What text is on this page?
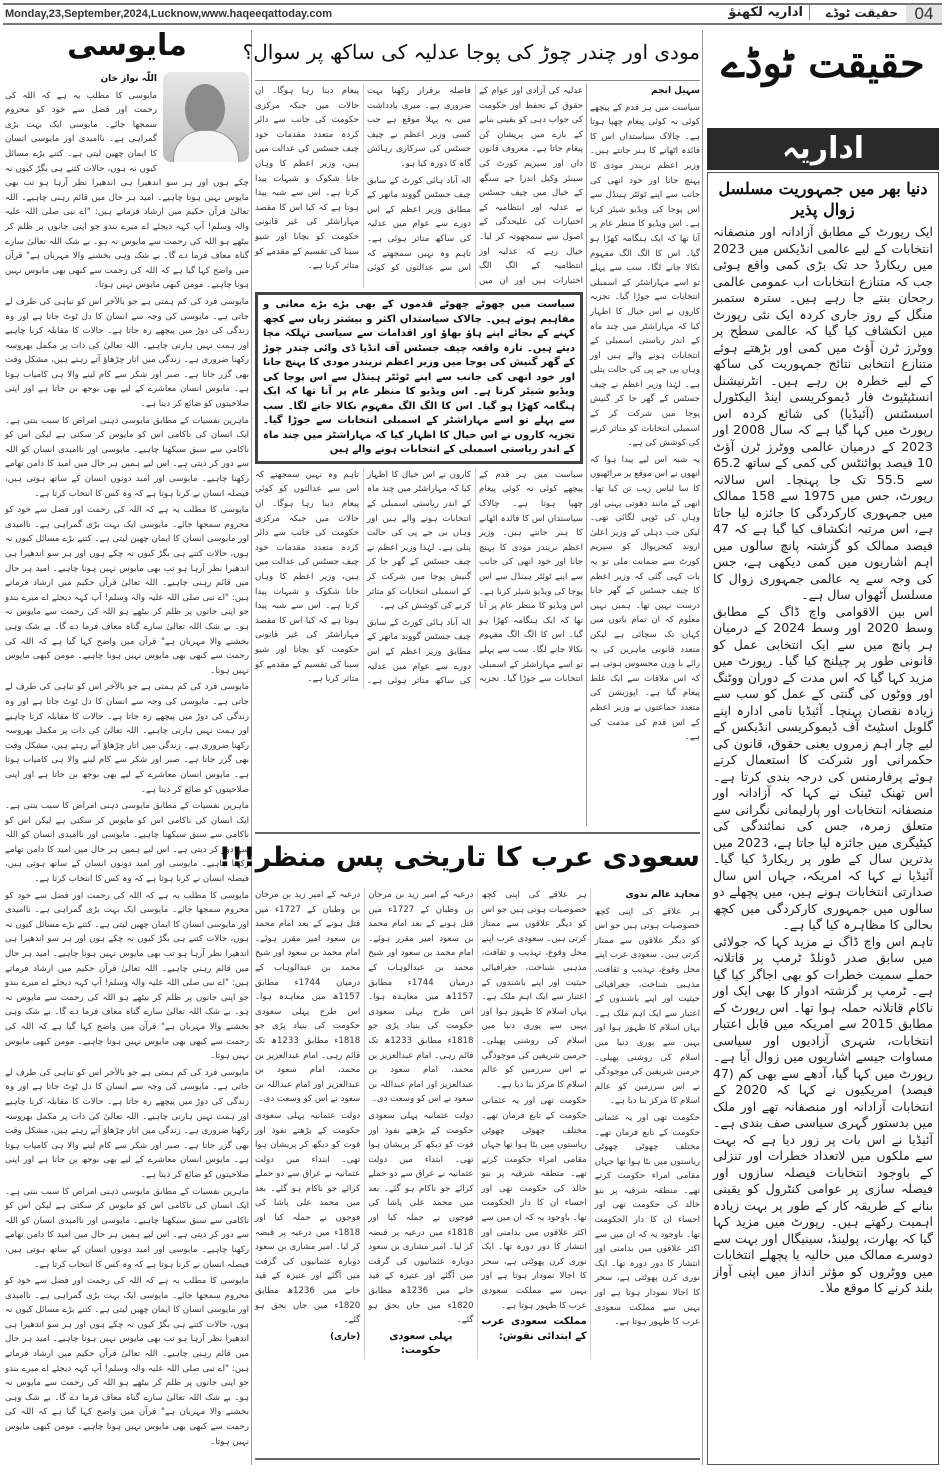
Monday,23,September,2024,Lucknow,www.haqeeqattoday.com	04
حقیقت ٹوڈے
اداریہ لکھنؤ
مایوسی

اللّٰہ نواز خان

مایوسی کا مطلب یہ ہے کہ اللہ کی رحمت اور فضل سے خود کو محروم سمجھا جائے۔ مایوسی ایک بہت بڑی گمراہی ہے۔ ناامیدی اور مایوسی انسان کا ایمان چھین لیتی ہے۔ کتنے بڑے مسائل کیوں نہ ہوں، حالات کتنے ہی بگڑ کیوں نہ چکے ہوں اور ہر سو اندھیرا ہی اندھیرا نظر آرہا ہو تب بھی مایوس نہیں ہونا چاہیے۔ امید ہر حال میں قائم رہنی چاہیے۔ اللہ تعالیٰ قرآن حکیم میں ارشاد فرماتے ہیں: "اے نبی صلی اللہ علیہ والہ وسلم! آپ کہہ دیجئے اے میرے بندو جو اپنی جانوں پر ظلم کر بیٹھے ہو اللہ کی رحمت سے مایوس نہ ہو۔ بے شک اللہ تعالیٰ سارے گناہ معاف فرما دے گا۔ بے شک وہی بخشنے والا مہربان ہے" قرآن میں واضح کہا گیا ہے کہ اللہ کی رحمت سے کبھی بھی مایوس نہیں ہونا چاہیے۔ مومن کبھی مایوس نہیں ہوتا۔

مایوسی فرد کی کم ہمتی ہے جو بالآخر اس کو تباہی کی طرف لے جاتی ہے۔ مایوسی کی وجہ سے انسان کا دل ٹوٹ جاتا ہے اور وہ زندگی کی دوڑ میں پیچھے رہ جاتا ہے۔ حالات کا مقابلہ کرنا چاہیے اور ہمت نہیں ہارنی چاہیے۔ اللہ تعالیٰ کی ذات پر مکمل بھروسہ رکھنا ضروری ہے۔ زندگی میں اتار چڑھاؤ آتے رہتے ہیں، مشکل وقت بھی گزر جاتا ہے۔ صبر اور شکر سے کام لینے والا ہی کامیاب ہوتا ہے۔ مایوس انسان معاشرے کے لیے بھی بوجھ بن جاتا ہے اور اپنی صلاحیتوں کو ضائع کر دیتا ہے۔

ماہرین نفسیات کے مطابق مایوسی ذہنی امراض کا سبب بنتی ہے۔ ایک انسان کی ناکامی اس کو مایوس کر سکتی ہے لیکن اس کو ناکامی سے سبق سیکھنا چاہیے۔ مایوسی اور ناامیدی انسان کو اللہ سے دور کر دیتی ہے۔ اس لیے ہمیں ہر حال میں امید کا دامن تھامے رکھنا چاہیے۔ مایوسی اور امید دونوں انسان کے ساتھ ہوتی ہیں، فیصلہ انسان نے کرنا ہوتا ہے کہ وہ کس کا انتخاب کرتا ہے۔

مایوسی کا مطلب یہ ہے کہ اللہ کی رحمت اور فضل سے خود کو محروم سمجھا جائے۔ مایوسی ایک بہت بڑی گمراہی ہے۔ ناامیدی اور مایوسی انسان کا ایمان چھین لیتی ہے۔ کتنے بڑے مسائل کیوں نہ ہوں، حالات کتنے ہی بگڑ کیوں نہ چکے ہوں اور ہر سو اندھیرا ہی اندھیرا نظر آرہا ہو تب بھی مایوس نہیں ہونا چاہیے۔ امید ہر حال میں قائم رہنی چاہیے۔ اللہ تعالیٰ قرآن حکیم میں ارشاد فرماتے ہیں: "اے نبی صلی اللہ علیہ والہ وسلم! آپ کہہ دیجئے اے میرے بندو جو اپنی جانوں پر ظلم کر بیٹھے ہو اللہ کی رحمت سے مایوس نہ ہو۔ بے شک اللہ تعالیٰ سارے گناہ معاف فرما دے گا۔ بے شک وہی بخشنے والا مہربان ہے" قرآن میں واضح کہا گیا ہے کہ اللہ کی رحمت سے کبھی بھی مایوس نہیں ہونا چاہیے۔ مومن کبھی مایوس نہیں ہوتا۔

مایوسی فرد کی کم ہمتی ہے جو بالآخر اس کو تباہی کی طرف لے جاتی ہے۔ مایوسی کی وجہ سے انسان کا دل ٹوٹ جاتا ہے اور وہ زندگی کی دوڑ میں پیچھے رہ جاتا ہے۔ حالات کا مقابلہ کرنا چاہیے اور ہمت نہیں ہارنی چاہیے۔ اللہ تعالیٰ کی ذات پر مکمل بھروسہ رکھنا ضروری ہے۔ زندگی میں اتار چڑھاؤ آتے رہتے ہیں، مشکل وقت بھی گزر جاتا ہے۔ صبر اور شکر سے کام لینے والا ہی کامیاب ہوتا ہے۔ مایوس انسان معاشرے کے لیے بھی بوجھ بن جاتا ہے اور اپنی صلاحیتوں کو ضائع کر دیتا ہے۔

ماہرین نفسیات کے مطابق مایوسی ذہنی امراض کا سبب بنتی ہے۔ ایک انسان کی ناکامی اس کو مایوس کر سکتی ہے لیکن اس کو ناکامی سے سبق سیکھنا چاہیے۔ مایوسی اور ناامیدی انسان کو اللہ سے دور کر دیتی ہے۔ اس لیے ہمیں ہر حال میں امید کا دامن تھامے رکھنا چاہیے۔ مایوسی اور امید دونوں انسان کے ساتھ ہوتی ہیں، فیصلہ انسان نے کرنا ہوتا ہے کہ وہ کس کا انتخاب کرتا ہے۔

مایوسی کا مطلب یہ ہے کہ اللہ کی رحمت اور فضل سے خود کو محروم سمجھا جائے۔ مایوسی ایک بہت بڑی گمراہی ہے۔ ناامیدی اور مایوسی انسان کا ایمان چھین لیتی ہے۔ کتنے بڑے مسائل کیوں نہ ہوں، حالات کتنے ہی بگڑ کیوں نہ چکے ہوں اور ہر سو اندھیرا ہی اندھیرا نظر آرہا ہو تب بھی مایوس نہیں ہونا چاہیے۔ امید ہر حال میں قائم رہنی چاہیے۔ اللہ تعالیٰ قرآن حکیم میں ارشاد فرماتے ہیں: "اے نبی صلی اللہ علیہ والہ وسلم! آپ کہہ دیجئے اے میرے بندو جو اپنی جانوں پر ظلم کر بیٹھے ہو اللہ کی رحمت سے مایوس نہ ہو۔ بے شک اللہ تعالیٰ سارے گناہ معاف فرما دے گا۔ بے شک وہی بخشنے والا مہربان ہے" قرآن میں واضح کہا گیا ہے کہ اللہ کی رحمت سے کبھی بھی مایوس نہیں ہونا چاہیے۔ مومن کبھی مایوس نہیں ہوتا۔

مایوسی فرد کی کم ہمتی ہے جو بالآخر اس کو تباہی کی طرف لے جاتی ہے۔ مایوسی کی وجہ سے انسان کا دل ٹوٹ جاتا ہے اور وہ زندگی کی دوڑ میں پیچھے رہ جاتا ہے۔ حالات کا مقابلہ کرنا چاہیے اور ہمت نہیں ہارنی چاہیے۔ اللہ تعالیٰ کی ذات پر مکمل بھروسہ رکھنا ضروری ہے۔ زندگی میں اتار چڑھاؤ آتے رہتے ہیں، مشکل وقت بھی گزر جاتا ہے۔ صبر اور شکر سے کام لینے والا ہی کامیاب ہوتا ہے۔ مایوس انسان معاشرے کے لیے بھی بوجھ بن جاتا ہے اور اپنی صلاحیتوں کو ضائع کر دیتا ہے۔

ماہرین نفسیات کے مطابق مایوسی ذہنی امراض کا سبب بنتی ہے۔ ایک انسان کی ناکامی اس کو مایوس کر سکتی ہے لیکن اس کو ناکامی سے سبق سیکھنا چاہیے۔ مایوسی اور ناامیدی انسان کو اللہ سے دور کر دیتی ہے۔ اس لیے ہمیں ہر حال میں امید کا دامن تھامے رکھنا چاہیے۔ مایوسی اور امید دونوں انسان کے ساتھ ہوتی ہیں، فیصلہ انسان نے کرنا ہوتا ہے کہ وہ کس کا انتخاب کرتا ہے۔

مایوسی کا مطلب یہ ہے کہ اللہ کی رحمت اور فضل سے خود کو محروم سمجھا جائے۔ مایوسی ایک بہت بڑی گمراہی ہے۔ ناامیدی اور مایوسی انسان کا ایمان چھین لیتی ہے۔ کتنے بڑے مسائل کیوں نہ ہوں، حالات کتنے ہی بگڑ کیوں نہ چکے ہوں اور ہر سو اندھیرا ہی اندھیرا نظر آرہا ہو تب بھی مایوس نہیں ہونا چاہیے۔ امید ہر حال میں قائم رہنی چاہیے۔ اللہ تعالیٰ قرآن حکیم میں ارشاد فرماتے ہیں: "اے نبی صلی اللہ علیہ والہ وسلم! آپ کہہ دیجئے اے میرے بندو جو اپنی جانوں پر ظلم کر بیٹھے ہو اللہ کی رحمت سے مایوس نہ ہو۔ بے شک اللہ تعالیٰ سارے گناہ معاف فرما دے گا۔ بے شک وہی بخشنے والا مہربان ہے" قرآن میں واضح کہا گیا ہے کہ اللہ کی رحمت سے کبھی بھی مایوس نہیں ہونا چاہیے۔ مومن کبھی مایوس نہیں ہوتا۔

مودی اور چندر چوڑ کی پوجا عدلیہ کی ساکھ پر سوال؟

سہیل انجم

سیاست میں ہر قدم کے پیچھے کوئی نہ کوئی پیغام چھپا ہوتا ہے۔ چالاک سیاستداں اس کا فائدہ اٹھانے کا ہنر جانتے ہیں۔ وزیر اعظم نریندر مودی کا پہنچ جانا اور خود انھی کی جانب سے اپنے ٹوئٹر ہینڈل سے اس پوجا کی ویڈیو شیئر کرنا ہے۔ اس ویڈیو کا منظر عام پر آنا تھا کہ ایک ہنگامہ کھڑا ہو گیا۔ اس کا الگ الگ مفہوم نکالا جانے لگا۔ سب سے پہلے تو اسے مہاراشٹر کے اسمبلی انتخابات سے جوڑا گیا۔ تجزیہ کاروں نے اس خیال کا اظہار کیا کہ مہاراشٹر میں چند ماہ کے اندر ریاستی اسمبلی کے انتخابات ہونے والے ہیں اور وہاں بی جے پی کی حالت پتلی ہے۔ لہٰذا وزیر اعظم نے چیف جسٹس کے گھر جا کر گنیش پوجا میں شرکت کر کے اسمبلی انتخابات کو متاثر کرنے کی کوشش کی ہے۔

یہ شبہ اس لیے پیدا ہوا کہ انھوں نے اس موقع پر مراٹھیوں کا سا لباس زیب تن کیا تھا۔ انھی کے مانند دھوتی پہنی اور وہاں کی ٹوپی لگائی تھی۔ لیکن جب دہلی کے وزیر اعلیٰ اروند کیجریوال کو سپریم کورٹ سے ضمانت ملی تو یہ بات کہی گئی کہ وزیر اعظم کا چیف جسٹس کے گھر جانا درست نہیں تھا۔ ہمیں نہیں معلوم کہ ان تمام باتوں میں کہاں تک سچائی ہے لیکن متعدد قانونی ماہرین کی یہ رائے با وزن محسوس ہوتی ہے کہ اس ملاقات سے ایک غلط پیغام گیا ہے۔ اپوزیشن کی متعدد جماعتوں نے وزیر اعظم کے اس قدم کی مذمت کی ہے۔

عدلیہ کی آزادی اور عوام کے حقوق کے تحفظ اور حکومت کی جواب دہی کو یقینی بنانے کے بارے میں پریشان کن پیغام جاتا ہے۔ معروف قانون داں اور سپریم کورٹ کی سینئر وکیل اندرا جے سنگھ کے خیال میں چیف جسٹس نے عدلیہ اور انتظامیہ کے اختیارات کی علیحدگی کے اصول سے سمجھوتہ کر لیا۔ خیال رہے کہ عدلیہ اور انتظامیہ کے الگ الگ اختیارات ہیں اور ان میں فاصلہ برقرار رکھنا بہت ضروری ہے۔ میری یادداشت میں یہ پہلا موقع ہے جب کسی وزیر اعظم نے چیف جسٹس کی سرکاری رہائش گاہ کا دورہ کیا ہو۔

الہ آباد ہائی کورٹ کے سابق چیف جسٹس گووند ماتھر کے مطابق وزیر اعظم کے اس دورے سے عوام میں عدلیہ کی ساکھ متاثر ہوئی ہے۔ تاہم وہ نہیں سمجھتے کہ اس سے عدالتوں کو کوئی پیغام دینا رہا ہوگا۔ ان حالات میں جبکہ مرکزی حکومت کی جانب سے دائر کردہ متعدد مقدمات خود چیف جسٹس کی عدالت میں ہیں، وزیر اعظم کا وہاں جانا شکوک و شبہات پیدا کرتا ہے۔ اس سے شبہ پیدا ہوتا ہے کہ کیا اس کا مقصد مہاراشٹر کی غیر قانونی حکومت کو بچانا اور شیو سینا کی تقسیم کے مقدمے کو متاثر کرنا ہے۔

سیاست میں چھوٹے چھوٹے قدموں کے بھی بڑے بڑے معانی و مفاہیم ہوتے ہیں۔ چالاک سیاستداں اکثر و بیشتر زبان سے کچھ کہنے کے بجائے اپنے ہاؤ بھاؤ اور اقدامات سے سیاسی تہلکہ مچا دیتے ہیں۔ تازہ واقعہ چیف جسٹس آف انڈیا ڈی وائی چندر چوڑ کے گھر گنیش کی پوجا میں وزیر اعظم نریندر مودی کا پہنچ جانا اور خود انھی کی جانب سے اپنے ٹوئٹر ہینڈل سے اس پوجا کی ویڈیو شیئر کرنا ہے۔ اس ویڈیو کا منظر عام پر آنا تھا کہ ایک ہنگامہ کھڑا ہو گیا۔ اس کا الگ الگ مفہوم نکالا جانے لگا۔ سب سے پہلے تو اسے مہاراشٹر کے اسمبلی انتخابات سے جوڑا گیا۔ تجزیہ کاروں نے اس خیال کا اظہار کیا کہ مہاراشٹر میں چند ماہ کے اندر ریاستی اسمبلی کے انتخابات ہونے والے ہیں

سیاست میں ہر قدم کے پیچھے کوئی نہ کوئی پیغام چھپا ہوتا ہے۔ چالاک سیاستداں اس کا فائدہ اٹھانے کا ہنر جانتے ہیں۔ وزیر اعظم نریندر مودی کا پہنچ جانا اور خود انھی کی جانب سے اپنے ٹوئٹر ہینڈل سے اس پوجا کی ویڈیو شیئر کرنا ہے۔ اس ویڈیو کا منظر عام پر آنا تھا کہ ایک ہنگامہ کھڑا ہو گیا۔ اس کا الگ الگ مفہوم نکالا جانے لگا۔ سب سے پہلے تو اسے مہاراشٹر کے اسمبلی انتخابات سے جوڑا گیا۔ تجزیہ کاروں نے اس خیال کا اظہار کیا کہ مہاراشٹر میں چند ماہ کے اندر ریاستی اسمبلی کے انتخابات ہونے والے ہیں اور وہاں بی جے پی کی حالت پتلی ہے۔ لہٰذا وزیر اعظم نے چیف جسٹس کے گھر جا کر گنیش پوجا میں شرکت کر کے اسمبلی انتخابات کو متاثر کرنے کی کوشش کی ہے۔

الہ آباد ہائی کورٹ کے سابق چیف جسٹس گووند ماتھر کے مطابق وزیر اعظم کے اس دورے سے عوام میں عدلیہ کی ساکھ متاثر ہوئی ہے۔ تاہم وہ نہیں سمجھتے کہ اس سے عدالتوں کو کوئی پیغام دینا رہا ہوگا۔ ان حالات میں جبکہ مرکزی حکومت کی جانب سے دائر کردہ متعدد مقدمات خود چیف جسٹس کی عدالت میں ہیں، وزیر اعظم کا وہاں جانا شکوک و شبہات پیدا کرتا ہے۔ اس سے شبہ پیدا ہوتا ہے کہ کیا اس کا مقصد مہاراشٹر کی غیر قانونی حکومت کو بچانا اور شیو سینا کی تقسیم کے مقدمے کو متاثر کرنا ہے۔

سعودی عرب کا تاریخی پس منظر!!!

مجاہد عالم ندوی

ہر علاقے کی اپنی کچھ خصوصیات ہوتی ہیں جو اس کو دیگر علاقوں سے ممتاز کرتی ہیں۔ سعودی عرب اپنے محل وقوع، تہذیب و ثقافت، مذہبی شناخت، جغرافیائی حیثیت اور اپنے باشندوں کے اعتبار سے ایک اہم ملک ہے۔ یہاں اسلام کا ظہور ہوا اور یہیں سے پوری دنیا میں اسلام کی روشنی پھیلی۔ حرمین شریفین کی موجودگی نے اس سرزمین کو عالم اسلام کا مرکز بنا دیا ہے۔

حکومت تھی اور یہ عثمانی حکومت کے تابع فرمان تھے۔ مختلف چھوٹی چھوٹی ریاستوں میں بٹا ہوا تھا جہاں مقامی امراء حکومت کرتے تھے۔ منطقہ شرقیہ پر بنو خالد کی حکومت تھی اور احساء ان کا دار الحکومت تھا۔ باوجود یہ کہ ان میں سے اکثر علاقوں میں بدامنی اور انتشار کا دور دورہ تھا۔ ایک نوری کرن پھوٹتی ہے، سحر کا اجالا نمودار ہوتا ہے اور یہیں سے مملکت سعودی عرب کا ظہور ہوتا ہے۔

ہر علاقے کی اپنی کچھ خصوصیات ہوتی ہیں جو اس کو دیگر علاقوں سے ممتاز کرتی ہیں۔ سعودی عرب اپنے محل وقوع، تہذیب و ثقافت، مذہبی شناخت، جغرافیائی حیثیت اور اپنے باشندوں کے اعتبار سے ایک اہم ملک ہے۔ یہاں اسلام کا ظہور ہوا اور یہیں سے پوری دنیا میں اسلام کی روشنی پھیلی۔ حرمین شریفین کی موجودگی نے اس سرزمین کو عالم اسلام کا مرکز بنا دیا ہے۔

حکومت تھی اور یہ عثمانی حکومت کے تابع فرمان تھے۔ مختلف چھوٹی چھوٹی ریاستوں میں بٹا ہوا تھا جہاں مقامی امراء حکومت کرتے تھے۔ منطقہ شرقیہ پر بنو خالد کی حکومت تھی اور احساء ان کا دار الحکومت تھا۔ باوجود یہ کہ ان میں سے اکثر علاقوں میں بدامنی اور انتشار کا دور دورہ تھا۔ ایک نوری کرن پھوٹتی ہے، سحر کا اجالا نمودار ہوتا ہے اور یہیں سے مملکت سعودی عرب کا ظہور ہوتا ہے۔

مملکت سعودی عرب کے ابتدائی نقوش:

درعیہ کے امیر زید بن مرخان بن وطبان کے 1727ء میں قتل ہونے کے بعد امام محمد بن سعود امیر مقرر ہوئے۔ امام محمد بن سعود اور شیخ محمد بن عبدالوہاب کے درمیان 1744ء مطابق 1157ھ میں معاہدہ ہوا۔ اس طرح پہلی سعودی حکومت کی بنیاد پڑی جو 1818ء مطابق 1233ھ تک قائم رہی۔ امام عبدالعزیز بن محمد، امام سعود بن عبدالعزیز اور امام عبداللہ بن سعود نے اس کو وسعت دی۔

دولت عثمانیہ پہلی سعودی حکومت کے بڑھتے نفوذ اور قوت کو دیکھ کر پریشان ہوا تھی۔ ابتداء میں دولت عثمانیہ نے عراق سے دو حملے کرائے جو ناکام ہو گئے۔ بعد میں محمد علی پاشا کی فوجوں نے حملہ کیا اور 1818ء میں درعیہ پر قبضہ کر لیا۔ امیر مشاری بن سعود دوبارہ عثمانیوں کی گرفت میں آگئے اور عنیزہ کے قید خانے میں 1236ھ مطابق 1820ء میں جاں بحق ہو گئے۔

پہلی سعودی حکومت:

درعیہ کے امیر زید بن مرخان بن وطبان کے 1727ء میں قتل ہونے کے بعد امام محمد بن سعود امیر مقرر ہوئے۔ امام محمد بن سعود اور شیخ محمد بن عبدالوہاب کے درمیان 1744ء مطابق 1157ھ میں معاہدہ ہوا۔ اس طرح پہلی سعودی حکومت کی بنیاد پڑی جو 1818ء مطابق 1233ھ تک قائم رہی۔ امام عبدالعزیز بن محمد، امام سعود بن عبدالعزیز اور امام عبداللہ بن سعود نے اس کو وسعت دی۔

دولت عثمانیہ پہلی سعودی حکومت کے بڑھتے نفوذ اور قوت کو دیکھ کر پریشان ہوا تھی۔ ابتداء میں دولت عثمانیہ نے عراق سے دو حملے کرائے جو ناکام ہو گئے۔ بعد میں محمد علی پاشا کی فوجوں نے حملہ کیا اور 1818ء میں درعیہ پر قبضہ کر لیا۔ امیر مشاری بن سعود دوبارہ عثمانیوں کی گرفت میں آگئے اور عنیزہ کے قید خانے میں 1236ھ مطابق 1820ء میں جاں بحق ہو گئے۔

(جاری)

حقیقت ٹوڈے
اداریہ
دنیا بھر میں جمہوریت مسلسل زوال پذیر

ایک رپورٹ کے مطابق آزادانہ اور منصفانہ انتخابات کے لیے عالمی انڈیکس میں 2023 میں ریکارڈ حد تک بڑی کمی واقع ہوئی جب کہ متنازع انتخابات اب عمومی عالمی رجحان بنتے جا رہے ہیں۔ سترہ ستمبر منگل کے روز جاری کردہ ایک نئی رپورٹ میں انکشاف کیا گیا کہ عالمی سطح پر ووٹرز ٹرن آؤٹ میں کمی اور بڑھتے ہوئے متنازع انتخابی نتائج جمہوریت کی ساکھ کے لیے خطرہ بن رہے ہیں۔ انٹرنیشنل انسٹیٹیوٹ فار ڈیموکریسی اینڈ الیکٹورل اسسٹنس (آئیڈیا) کی شائع کردہ اس رپورٹ میں کہا گیا ہے کہ سال 2008 اور 2023 کے درمیان عالمی ووٹرز ٹرن آؤٹ 10 فیصد پوائنٹس کی کمی کے ساتھ 65.2 سے 55.5 تک جا پہنچا۔ اس سالانہ رپورٹ، جس میں 1975 سے 158 ممالک میں جمہوری کارکردگی کا جائزہ لیا جاتا ہے، اس مرتبہ انکشاف کیا گیا ہے کہ 47 فیصد ممالک کو گزشتہ پانچ سالوں میں اہم اشاریوں میں کمی دیکھی ہے، جس کی وجہ سے یہ عالمی جمہوری زوال کا مسلسل آٹھواں سال ہے۔

اس بین الاقوامی واچ ڈاگ کے مطابق وسط 2020 اور وسط 2024 کے درمیان ہر پانچ میں سے ایک انتخابی عمل کو قانونی طور پر چیلنج کیا گیا۔ رپورٹ میں مزید کہا گیا کہ اس مدت کے دوران ووٹنگ اور ووٹوں کی گنتی کے عمل کو سب سے زیادہ نقصان پہنچا۔ آئیڈیا نامی ادارہ اپنے گلوبل اسٹیٹ آف ڈیموکریسی انڈیکس کے لیے چار اہم زمروں یعنی حقوق، قانون کی حکمرانی اور شرکت کا استعمال کرتے ہوئے پرفارمنس کی درجہ بندی کرتا ہے۔ اس تھنک ٹینک نے کہا کہ آزادانہ اور منصفانہ انتخابات اور پارلیمانی نگرانی سے متعلق زمرہ، جس کی نمائندگی کی کیٹیگری میں جائزہ لیا جاتا ہے، 2023 میں بدترین سال کے طور پر ریکارڈ کیا گیا۔ آئیڈیا نے کہا کہ امریکہ، جہاں اس سال صدارتی انتخابات ہونے ہیں، میں پچھلے دو سالوں میں جمہوری کارکردگی میں کچھ بحالی کا مظاہرہ کیا گیا ہے۔

تاہم اس واچ ڈاگ نے مزید کہا کہ جولائی میں سابق صدر ڈونلڈ ٹرمپ پر قاتلانہ حملے سمیت خطرات کو بھی اجاگر کیا گیا ہے۔ ٹرمپ پر گزشتہ ادوار کا بھی ایک اور ناکام قاتلانہ حملہ ہوا تھا۔ اس رپورٹ کے مطابق 2015 سے امریکہ میں قابل اعتبار انتخابات، شہری آزادیوں اور سیاسی مساوات جیسے اشاریوں میں زوال آیا ہے۔ رپورٹ میں کہا گیا، آدھے سے بھی کم (47 فیصد) امریکیوں نے کہا کہ 2020 کے انتخابات آزادانہ اور منصفانہ تھے اور ملک میں بدستور گہری سیاسی صف بندی ہے۔ آئیڈیا نے اس بات پر زور دیا ہے کہ بہت سے ملکوں میں لاتعداد خطرات اور تنزلی کے باوجود انتخابات فیصلہ سازوں اور فیصلہ سازی پر عوامی کنٹرول کو یقینی بنانے کے طریقہ کار کے طور پر بہت زیادہ اہمیت رکھتے ہیں۔ رپورٹ میں مزید کہا گیا کہ بھارت، پولینڈ، سینیگال اور بہت سے دوسرے ممالک میں حالیہ یا پچھلے انتخابات میں ووٹروں کو مؤثر انداز میں اپنی آواز بلند کرنے کا موقع ملا۔
